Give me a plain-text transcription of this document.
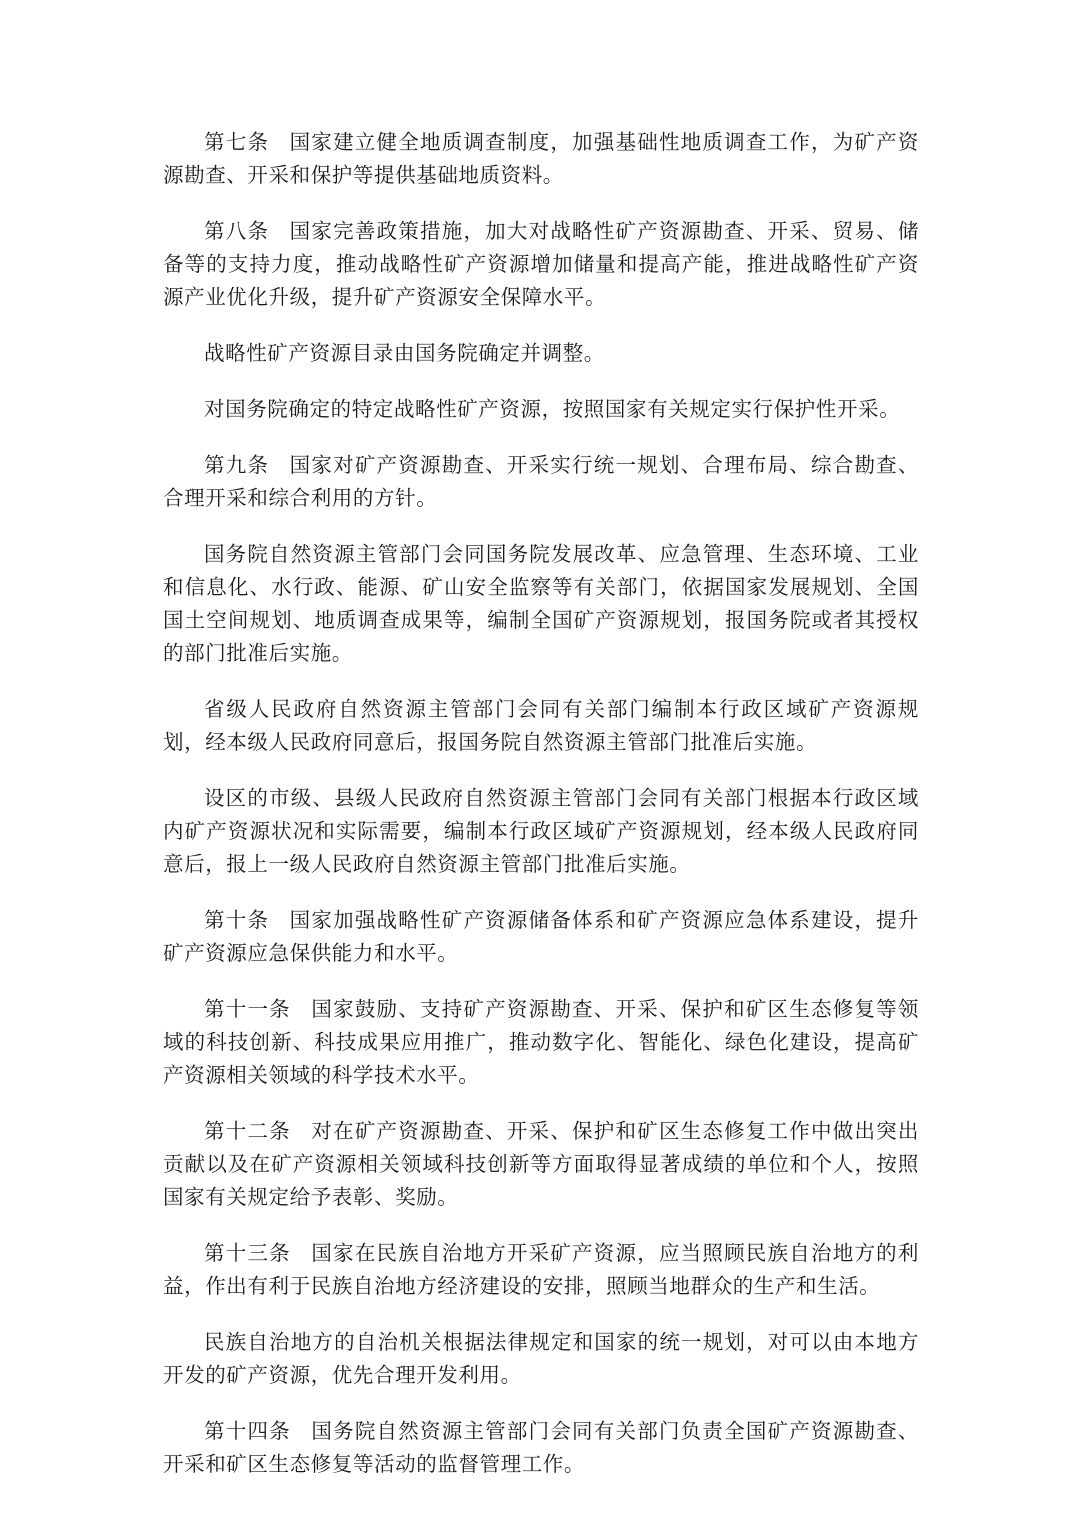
第七条 国家建立健全地质调查制度，加强基础性地质调查工作，为矿产资源勘查、开采和保护等提供基础地质资料。

第八条 国家完善政策措施，加大对战略性矿产资源勘查、开采、贸易、储备等的支持力度，推动战略性矿产资源增加储量和提高产能，推进战略性矿产资源产业优化升级，提升矿产资源安全保障水平。

战略性矿产资源目录由国务院确定并调整。

对国务院确定的特定战略性矿产资源，按照国家有关规定实行保护性开采。

第九条 国家对矿产资源勘查、开采实行统一规划、合理布局、综合勘查、合理开采和综合利用的方针。

国务院自然资源主管部门会同国务院发展改革、应急管理、生态环境、工业和信息化、水行政、能源、矿山安全监察等有关部门，依据国家发展规划、全国国土空间规划、地质调查成果等，编制全国矿产资源规划，报国务院或者其授权的部门批准后实施。

省级人民政府自然资源主管部门会同有关部门编制本行政区域矿产资源规划，经本级人民政府同意后，报国务院自然资源主管部门批准后实施。

设区的市级、县级人民政府自然资源主管部门会同有关部门根据本行政区域内矿产资源状况和实际需要，编制本行政区域矿产资源规划，经本级人民政府同意后，报上一级人民政府自然资源主管部门批准后实施。

第十条 国家加强战略性矿产资源储备体系和矿产资源应急体系建设，提升矿产资源应急保供能力和水平。

第十一条 国家鼓励、支持矿产资源勘查、开采、保护和矿区生态修复等领域的科技创新、科技成果应用推广，推动数字化、智能化、绿色化建设，提高矿产资源相关领域的科学技术水平。

第十二条 对在矿产资源勘查、开采、保护和矿区生态修复工作中做出突出贡献以及在矿产资源相关领域科技创新等方面取得显著成绩的单位和个人，按照国家有关规定给予表彰、奖励。

第十三条 国家在民族自治地方开采矿产资源，应当照顾民族自治地方的利益，作出有利于民族自治地方经济建设的安排，照顾当地群众的生产和生活。

民族自治地方的自治机关根据法律规定和国家的统一规划，对可以由本地方开发的矿产资源，优先合理开发利用。

第十四条 国务院自然资源主管部门会同有关部门负责全国矿产资源勘查、开采和矿区生态修复等活动的监督管理工作。
